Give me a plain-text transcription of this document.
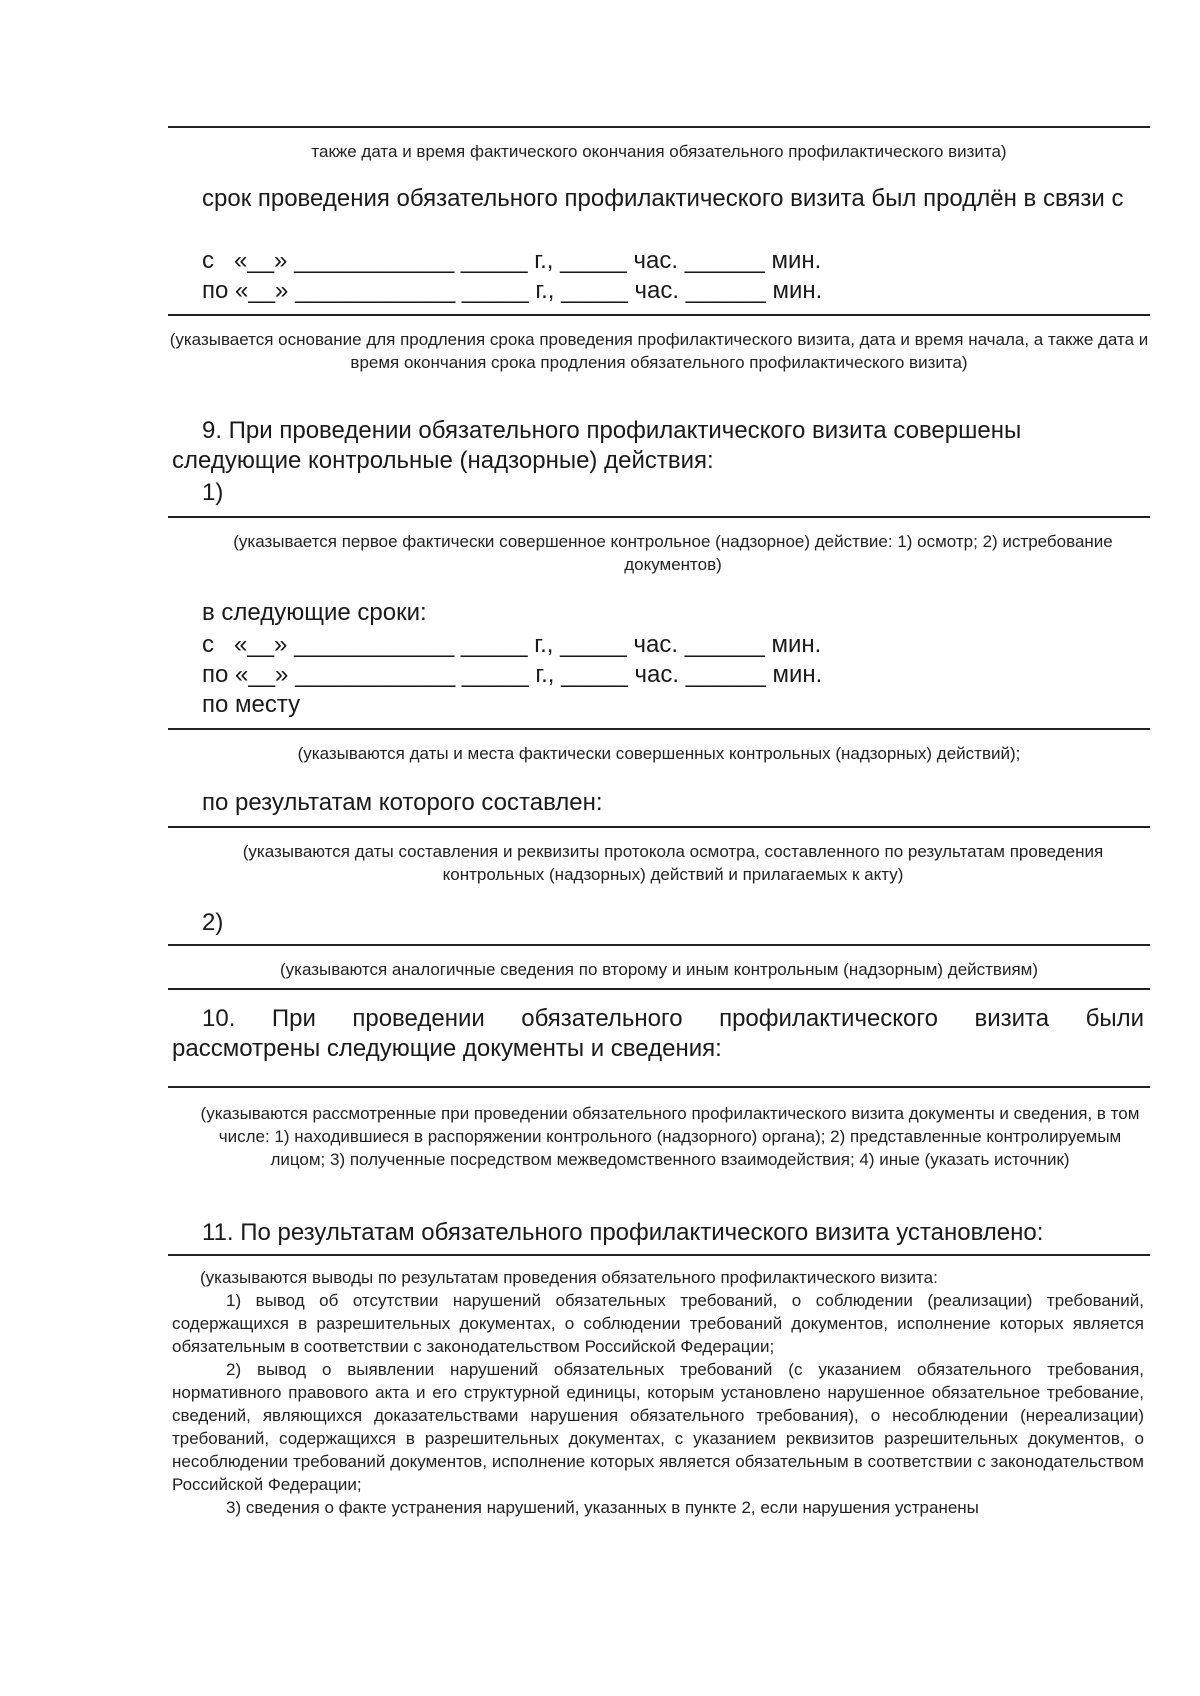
также дата и время фактического окончания обязательного профилактического визита)
срок проведения обязательного профилактического визита был продлён в связи с
с   «__» ____________ _____ г., _____ час. ______ мин.
по «__» ____________ _____ г., _____ час. ______ мин.
(указывается основание для продления срока проведения профилактического визита, дата и время начала, а также дата и время окончания срока продления обязательного профилактического визита)
9. При проведении обязательного профилактического визита совершены следующие контрольные (надзорные) действия:
1)
(указывается первое фактически совершенное контрольное (надзорное) действие: 1) осмотр; 2) истребование документов)
в следующие сроки:
с   «__» ____________ _____ г., _____ час. ______ мин.
по «__» ____________ _____ г., _____ час. ______ мин.
по месту
(указываются даты и места фактически совершенных контрольных (надзорных) действий);
по результатам которого составлен:
(указываются даты составления и реквизиты протокола осмотра, составленного по результатам проведения контрольных (надзорных) действий и прилагаемых к акту)
2)
(указываются аналогичные сведения по второму и иным контрольным (надзорным) действиям)
10. При проведении обязательного профилактического визита были
рассмотрены следующие документы и сведения:
(указываются рассмотренные при проведении обязательного профилактического визита документы и сведения, в том числе: 1) находившиеся в распоряжении контрольного (надзорного) органа); 2) представленные контролируемым лицом; 3) полученные посредством межведомственного взаимодействия; 4) иные (указать источник)
11. По результатам обязательного профилактического визита установлено:

(указываются выводы по результатам проведения обязательного профилактического визита:

1) вывод об отсутствии нарушений обязательных требований, о соблюдении (реализации) требований, содержащихся в разрешительных документах, о соблюдении требований документов, исполнение которых является обязательным в соответствии с законодательством Российской Федерации;

2) вывод о выявлении нарушений обязательных требований (с указанием обязательного требования, нормативного правового акта и его структурной единицы, которым установлено нарушенное обязательное требование, сведений, являющихся доказательствами нарушения обязательного требования), о несоблюдении (нереализации) требований, содержащихся в разрешительных документах, с указанием реквизитов разрешительных документов, о несоблюдении требований документов, исполнение которых является обязательным в соответствии с законодательством Российской Федерации;

3) сведения о факте устранения нарушений, указанных в пункте 2, если нарушения устранены
